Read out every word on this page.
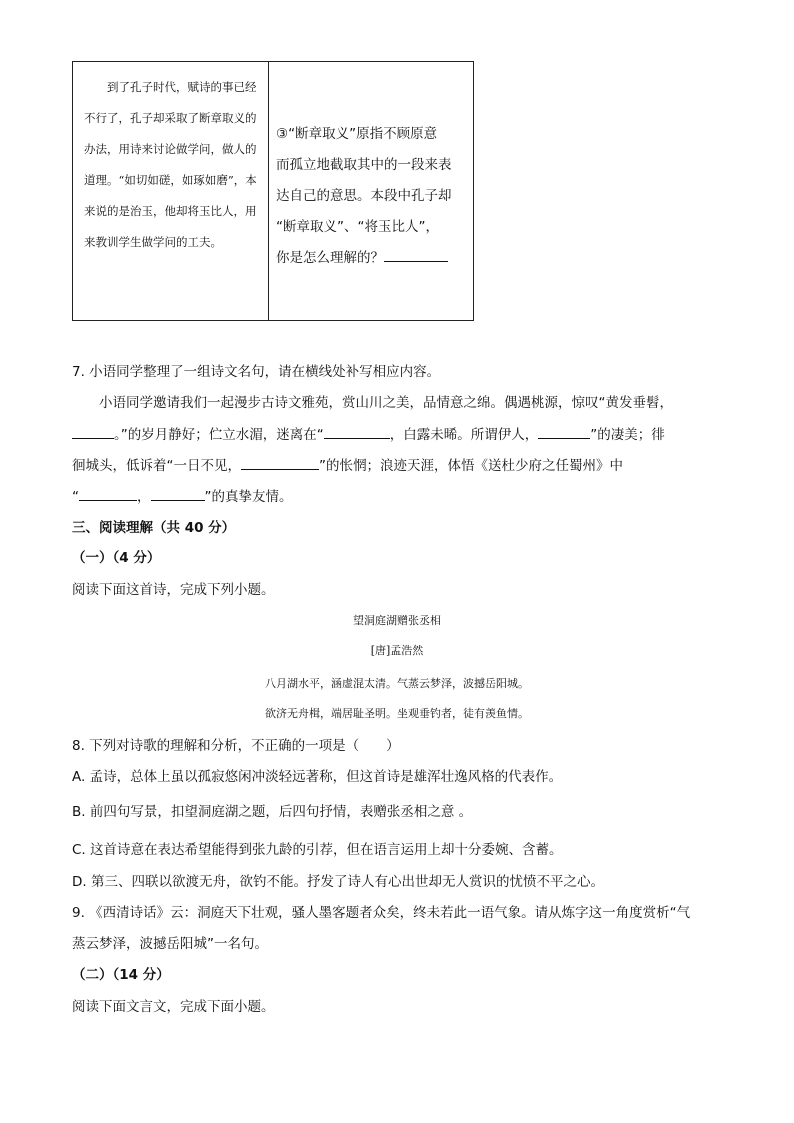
到了孔子时代，赋诗的事已经不行了，孔子却采取了断章取义的办法，用诗来讨论做学问，做人的道理。“如切如磋，如琢如磨”，本来说的是治玉，他却将玉比人，用来教训学生做学问的工夫。

③“断章取义”原指不顾原意
而孤立地截取其中的一段来表
达自己的意思。本段中孔子却
“断章取义”、“将玉比人”，
你是怎么理解的？
7. 小语同学整理了一组诗文名句，请在横线处补写相应内容。
小语同学邀请我们一起漫步古诗文雅苑，赏山川之美，品情意之绵。偶遇桃源，惊叹“黄发垂髫，
。”的岁月静好；伫立水湄，迷离在“	，白露未晞。所谓伊人，	”的凄美；徘
徊城头，低诉着“一日不见，	”的怅惘；浪迹天涯，体悟《送杜少府之任蜀州》中
“	，	”的真挚友情。
三、阅读理解（共 40 分）
（一）（4 分）
阅读下面这首诗，完成下列小题。
望洞庭湖赠张丞相
[唐]孟浩然
八月湖水平，涵虚混太清。气蒸云梦泽，波撼岳阳城。
欲济无舟楫，端居耻圣明。坐观垂钓者，徒有羡鱼情。
8. 下列对诗歌的理解和分析，不正确的一项是（　　）
A. 孟诗，总体上虽以孤寂悠闲冲淡轻远著称，但这首诗是雄浑壮逸风格的代表作。
B. 前四句写景，扣望洞庭湖之题，后四句抒情，表赠张丞相之意 。
C. 这首诗意在表达希望能得到张九龄的引荐，但在语言运用上却十分委婉、含蓄。
D. 第三、四联以欲渡无舟，欲钓不能。抒发了诗人有心出世却无人赏识的忧愤不平之心。
9. 《西清诗话》云：洞庭天下壮观，骚人墨客题者众矣，终未若此一语气象。请从炼字这一角度赏析“气
蒸云梦泽，波撼岳阳城”一名句。
（二）（14 分）
阅读下面文言文，完成下面小题。
